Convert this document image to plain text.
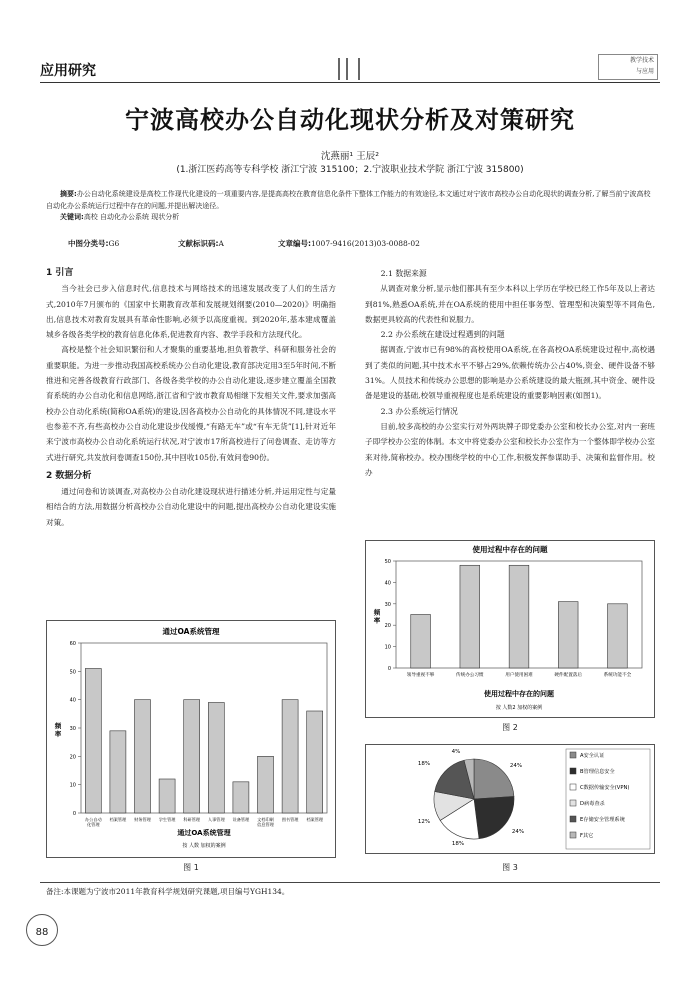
应用研究
教学技术
与应用
宁波高校办公自动化现状分析及对策研究
沈燕丽¹ 王辰²
(1.浙江医药高等专科学校 浙江宁波 315100；2.宁波职业技术学院 浙江宁波 315800)
摘要:办公自动化系统建设是高校工作现代化建设的一项重要内容,是提高高校在教育信息化条件下整体工作能力的有效途径,本文通过对宁波市高校办公自动化现状的调查分析,了解当前宁波高校自动化办公系统运行过程中存在的问题,并提出解决途径。
关键词:高校 自动化办公系统 现状分析
中图分类号:G6	文献标识码:A	文章编号:1007-9416(2013)03-0088-02
1 引言

当今社会已步入信息时代,信息技术与网络技术的迅速发展改变了人们的生活方式,2010年7月颁布的《国家中长期教育改革和发展规划纲要(2010—2020)》明确指出,信息技术对教育发展具有革命性影响,必须予以高度重视。到2020年,基本建成覆盖城乡各级各类学校的教育信息化体系,促进教育内容、教学手段和方法现代化。

高校是整个社会知识繁衍和人才聚集的重要基地,担负着教学、科研和服务社会的重要职能。为进一步推动我国高校系统办公自动化建设,教育部决定用3至5年时间,不断推进和完善各级教育行政部门、各级各类学校的办公自动化建设,逐步建立覆盖全国教育系统的办公自动化和信息网络,浙江省和宁波市教育局相继下发相关文件,要求加强高校办公自动化系统(简称OA系统)的建设,因各高校办公自动化的具体情况不同,建设水平也参差不齐,有些高校办公自动化建设步伐缓慢,“有路无车”或“有车无货”[1],针对近年来宁波市高校办公自动化系统运行状况,对宁波市17所高校进行了问卷调查、走访等方式进行研究,共发放问卷调查150份,其中回收105份,有效问卷90份。

2 数据分析

通过问卷和访谈调查,对高校办公自动化建设现状进行描述分析,并运用定性与定量相结合的方法,用数据分析高校办公自动化建设中的问题,提出高校办公自动化建设实施对策。

2.1 数据来源

从调查对象分析,显示他们都具有至少本科以上学历在学校已经工作5年及以上者达到81%,熟悉OA系统,并在OA系统的使用中担任事务型、管理型和决策型等不同角色,数据更具较高的代表性和说服力。

2.2 办公系统在建设过程遇到的问题

据调查,宁波市已有98%的高校使用OA系统,在各高校OA系统建设过程中,高校遇到了类似的问题,其中技术水平不够占29%,依赖传统办公占40%,资金、硬件设备不够31%。人员技术和传统办公思想的影响是办公系统建设的最大瓶颈,其中资金、硬件设备是建设的基础,校领导重视程度也是系统建设的重要影响因素(如图1)。

2.3 办公系统运行情况

目前,较多高校的办公室实行对外两块牌子即党委办公室和校长办公室,对内一套班子即学校办公室的体制。本文中将党委办公室和校长办公室作为一个整体即学校办公室来对待,简称校办。校办围绕学校的中心工作,积极发挥参谋助手、决策和监督作用。校办

通过OA系统管理
0
10
20
30
40
50
60
办公自动化管理
档案管理 财务管理 学生管理 科研管理 人事管理 设备管理 文档印刷信息管理
图书管理 档案管理
频率
通过OA系统管理
按 人数 加权的案例
图 1
使用过程中存在的问题
0
10
20
30
40
50
领导重视不够	传统办公习惯	用户使用困难	硬件配置落后	系统功能不全
频率
使用过程中存在的问题
按 人数2 加权的案例
图 2
24%
24%
18%
12%
18%
4%
A安全认证
B管理信息安全
C数据传输安全(VPN)
D病毒查杀
E存储安全管理系统
F其它
图 3
备注:本课题为宁波市2011年教育科学规划研究课题,项目编号YGH134。
88
